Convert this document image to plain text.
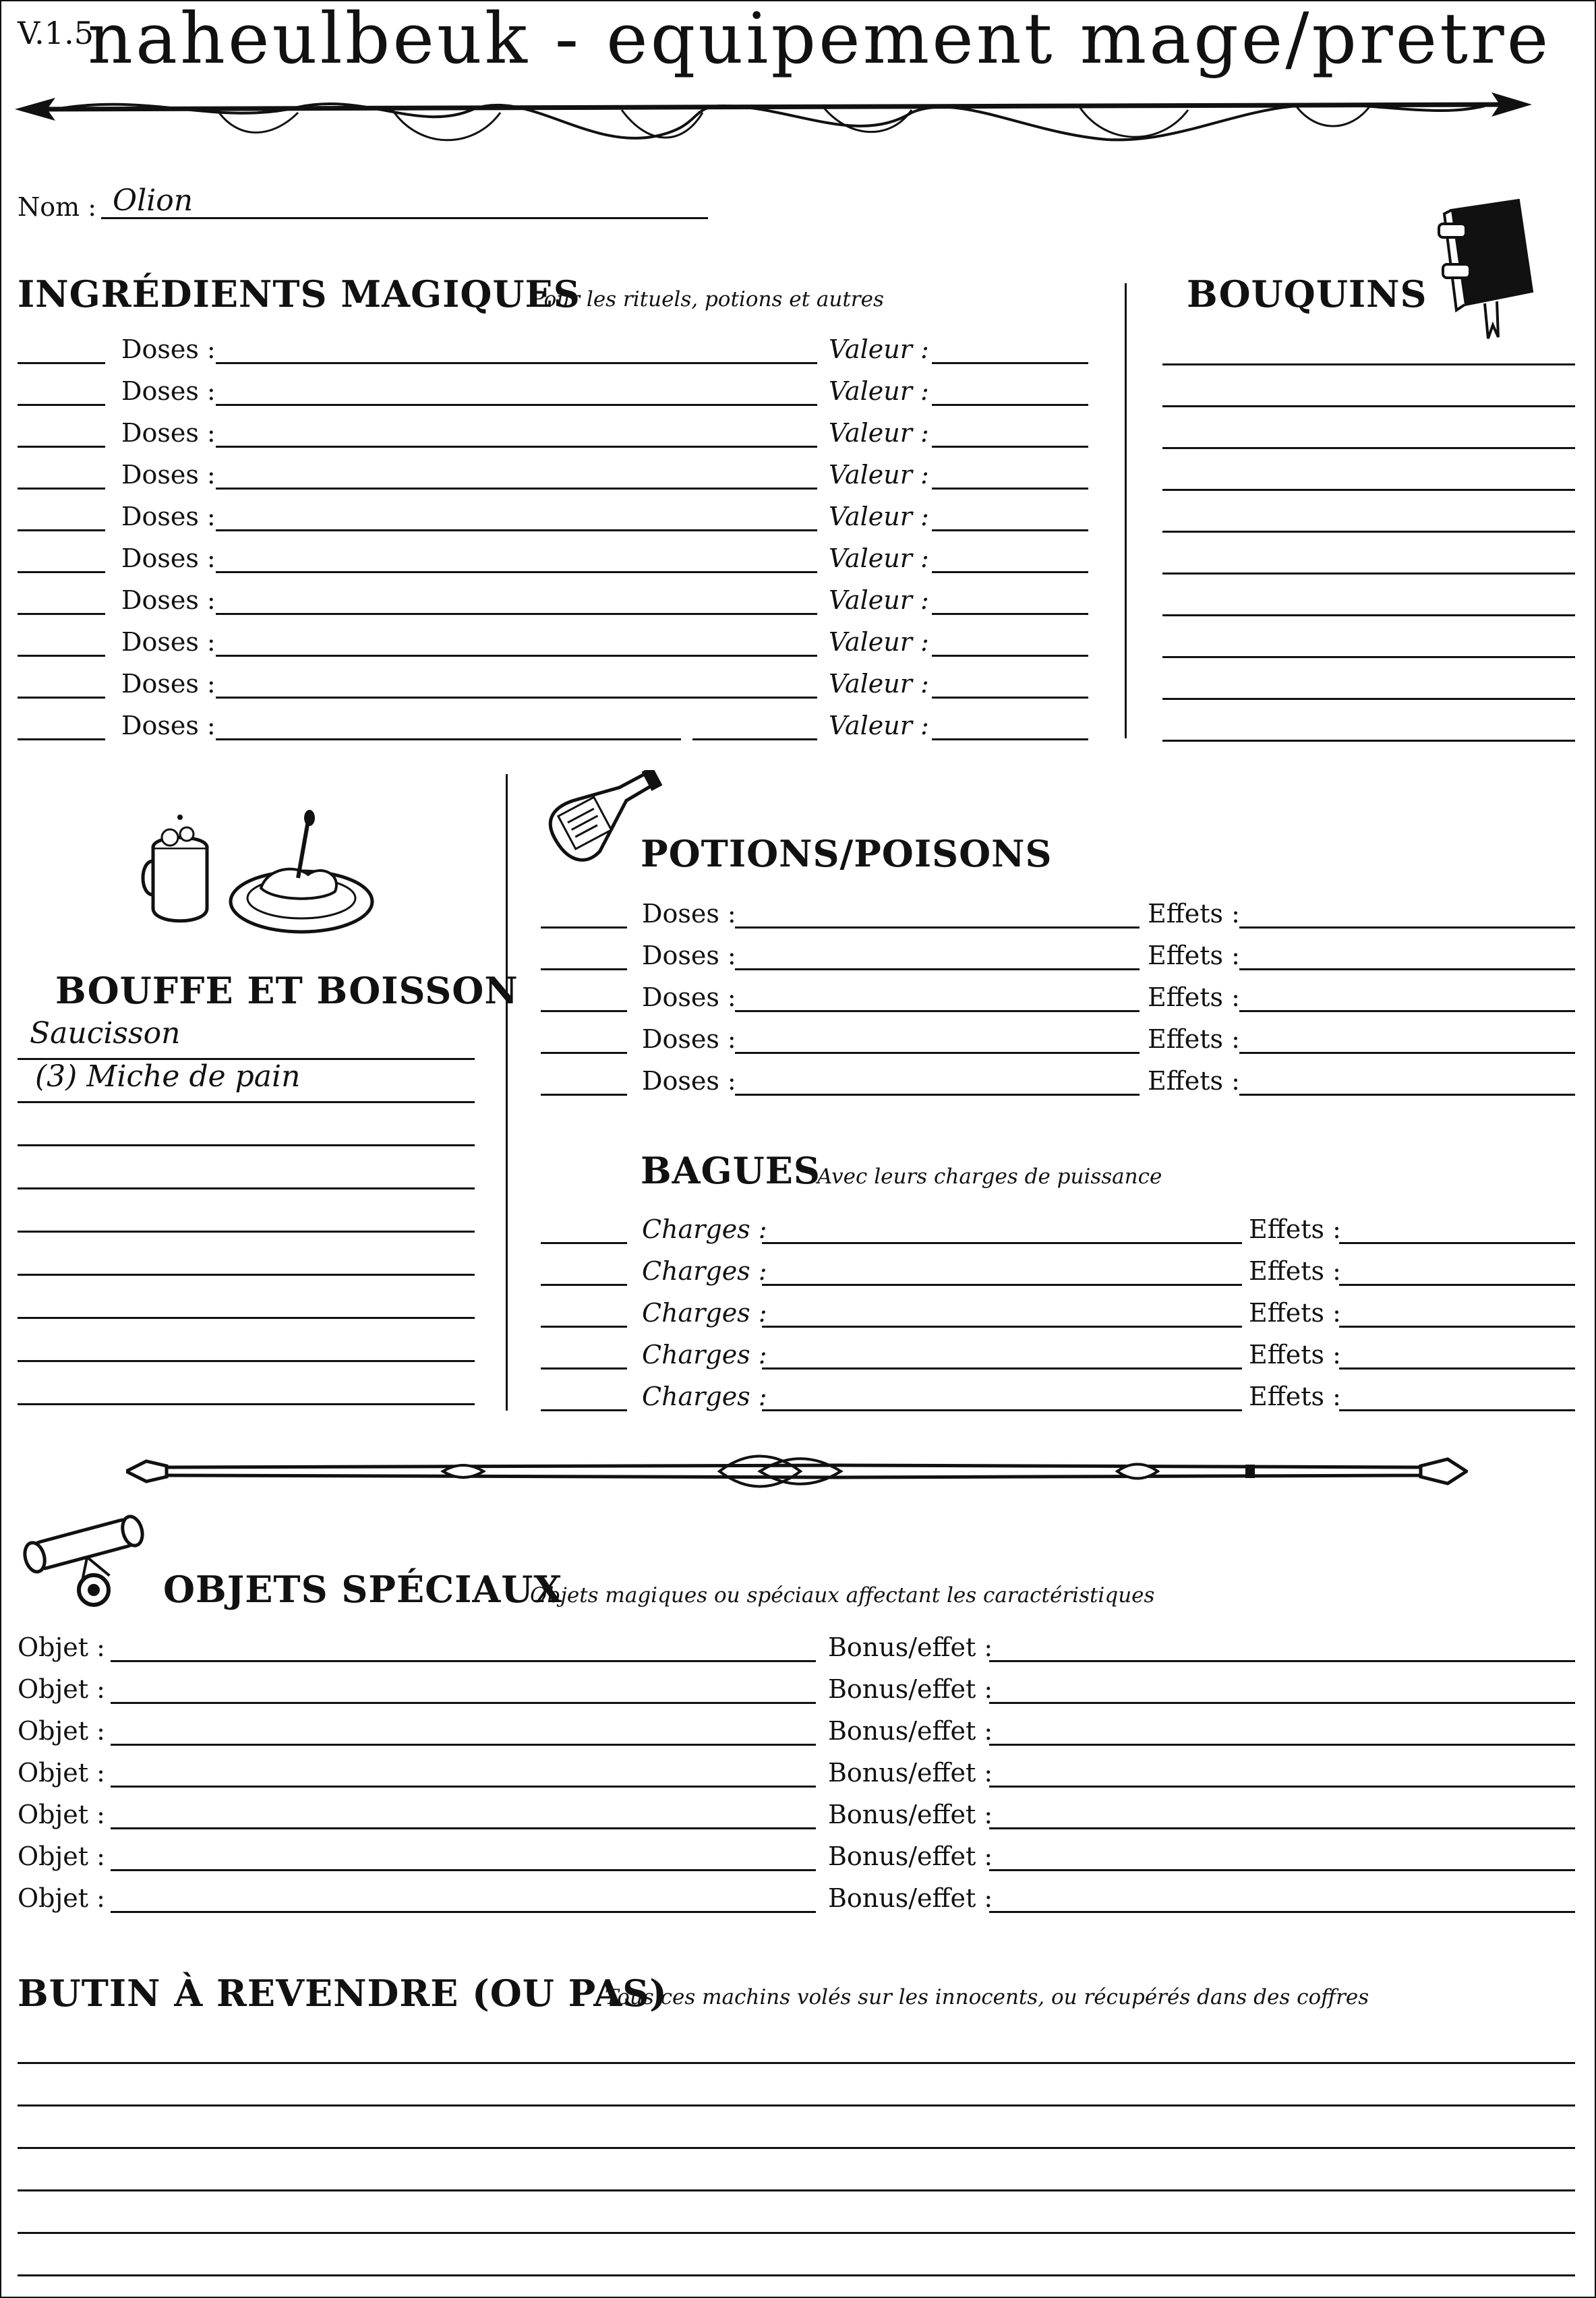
V.1.5
naheulbeuk - equipement mage/pretre
Nom : Olion
INGRÉDIENTS MAGIQUES
Pour les rituels, potions et autres
Doses :	Valeur :
Doses :	Valeur :
Doses :	Valeur :
Doses :	Valeur :
Doses :	Valeur :
Doses :	Valeur :
Doses :	Valeur :
Doses :	Valeur :
Doses :	Valeur :
Doses :	Valeur :
BOUQUINS
BOUFFE ET BOISSON
Saucisson
(3) Miche de pain
POTIONS/POISONS
Doses :	Effets :
Doses :	Effets :
Doses :	Effets :
Doses :	Effets :
Doses :	Effets :
BAGUES
Avec leurs charges de puissance
Charges :	Effets :
Charges :	Effets :
Charges :	Effets :
Charges :	Effets :
Charges :	Effets :
OBJETS SPÉCIAUX
Objets magiques ou spéciaux affectant les caractéristiques
Objet :	Bonus/effet :
Objet :	Bonus/effet :
Objet :	Bonus/effet :
Objet :	Bonus/effet :
Objet :	Bonus/effet :
Objet :	Bonus/effet :
Objet :	Bonus/effet :
BUTIN À REVENDRE (OU PAS)
Tous ces machins volés sur les innocents, ou récupérés dans des coffres
